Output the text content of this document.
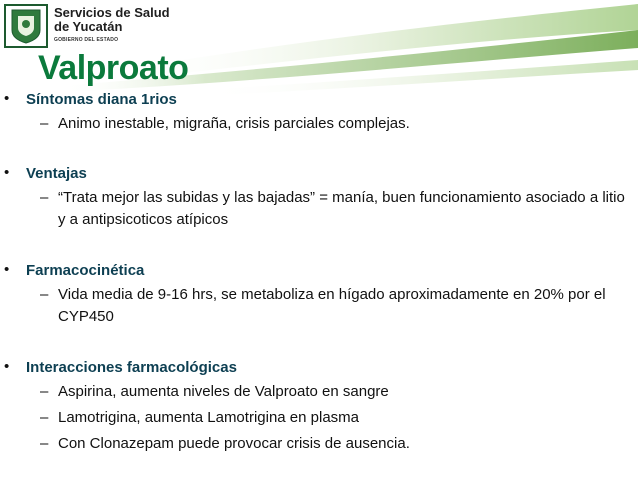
Servicios de Salud
de Yucatán
GOBIERNO DEL ESTADO
Valproato
• Síntomas diana 1rios
– Animo inestable, migraña, crisis parciales complejas.
• Ventajas
– “Trata mejor las subidas y las bajadas” = manía, buen funcionamiento asociado a litio y a antipsicoticos atípicos
• Farmacocinética
– Vida media de 9-16 hrs, se metaboliza en hígado aproximadamente en 20% por el CYP450
• Interacciones farmacológicas
– Aspirina, aumenta niveles de Valproato en sangre
– Lamotrigina, aumenta Lamotrigina en plasma
– Con Clonazepam puede provocar crisis de ausencia.
